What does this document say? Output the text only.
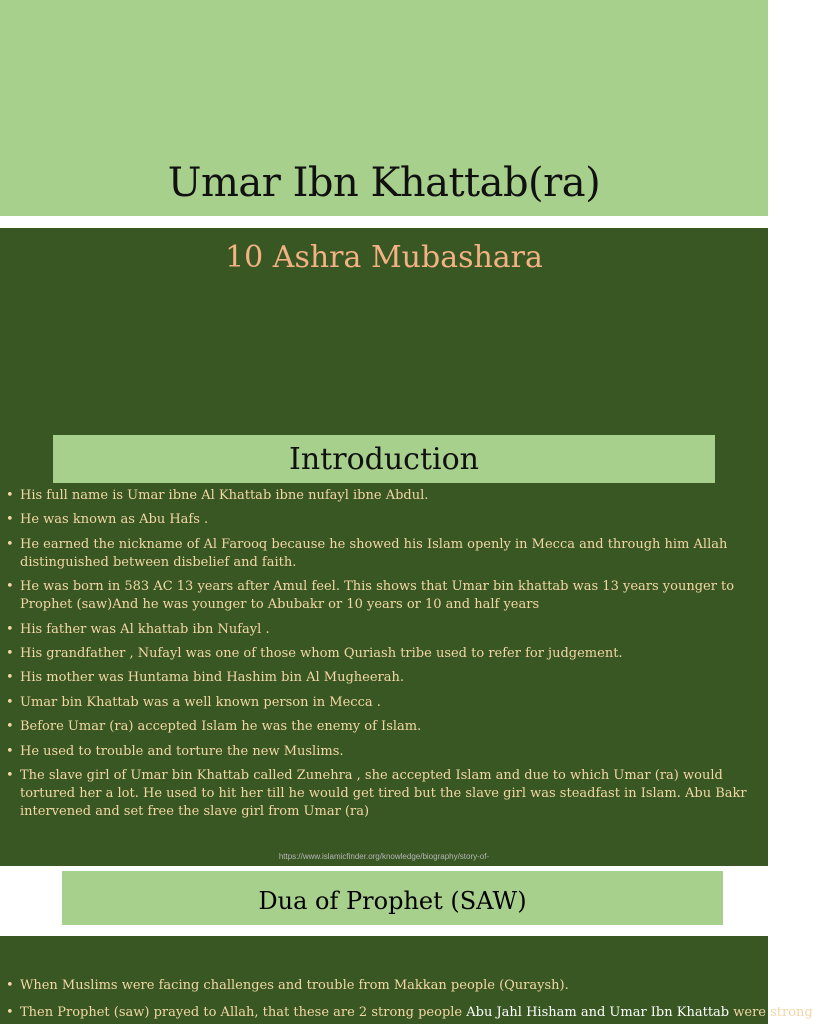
Umar Ibn Khattab(ra)
10 Ashra Mubashara
Introduction
• His full name is Umar ibne Al Khattab ibne nufayl ibne Abdul.
• He was known as Abu Hafs .
• He earned the nickname of Al Farooq because he showed his Islam openly in Mecca and through him Allah distinguished between disbelief and faith.
• He was born in 583 AC 13 years after Amul feel. This shows that Umar bin khattab was 13 years younger to Prophet (saw)And he was younger to Abubakr or 10 years or 10 and half years
• His father was Al khattab ibn Nufayl .
• His grandfather , Nufayl was one of those whom Quriash tribe used to refer for judgement.
• His mother was Huntama bind Hashim bin Al Mugheerah.
• Umar bin Khattab was a well known person in Mecca .
• Before Umar (ra) accepted Islam he was the enemy of Islam.
• He used to trouble and torture the new Muslims.
• The slave girl of Umar bin Khattab called Zunehra , she accepted Islam and due to which Umar (ra) would tortured her a lot. He used to hit her till he would get tired but the slave girl was steadfast in Islam. Abu Bakr intervened and set free the slave girl from Umar (ra)
https://www.islamicfinder.org/knowledge/biography/story-of-
Dua of Prophet (SAW)
• When Muslims were facing challenges and trouble from Makkan people (Quraysh).
• Then Prophet (saw) prayed to Allah, that these are 2 strong people Abu Jahl Hisham and Umar Ibn Khattab were strong
